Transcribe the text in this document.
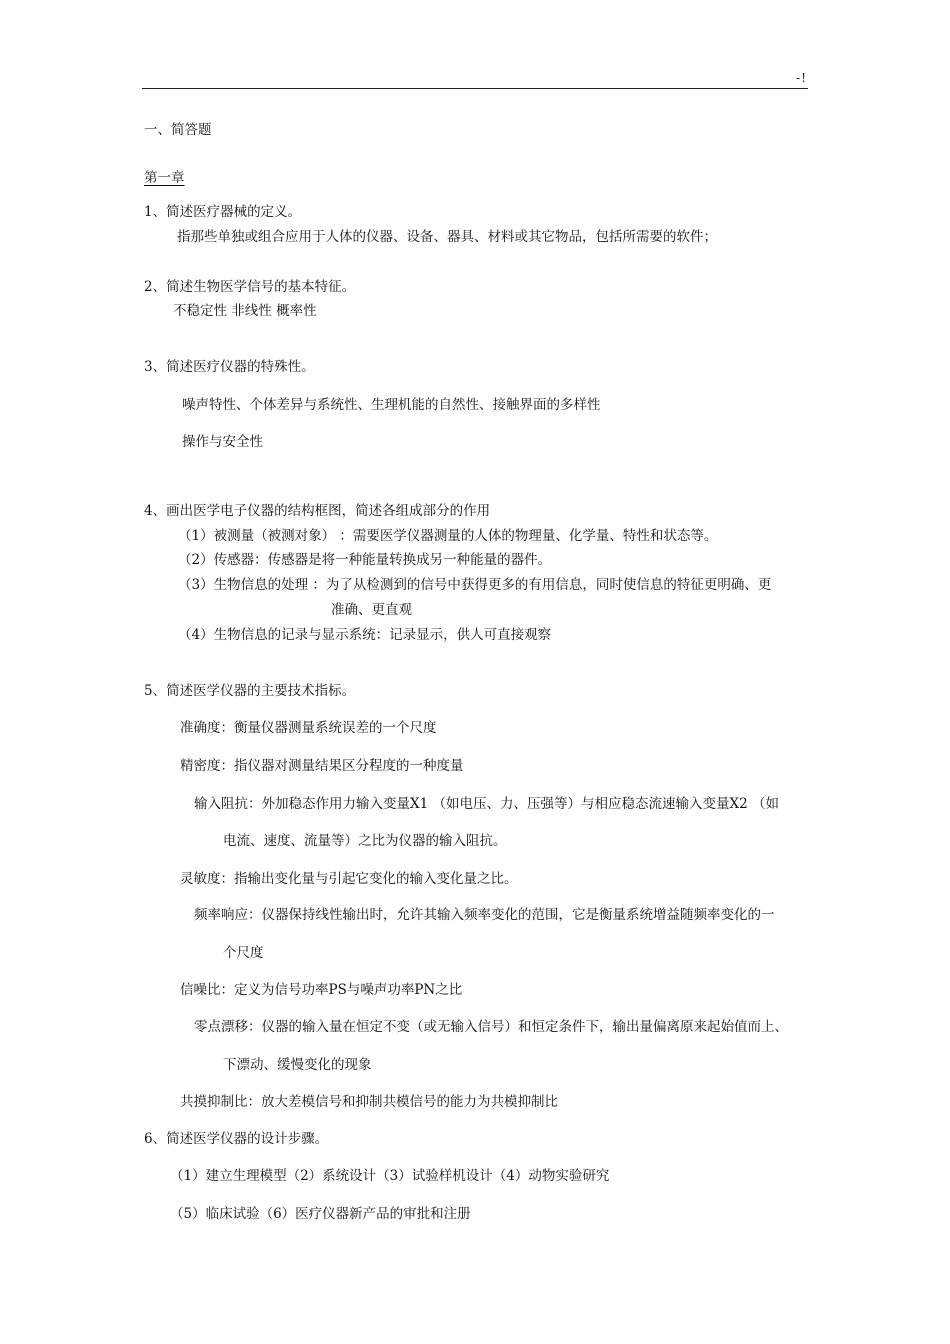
-!
一、简答题
第一章
1、简述医疗器械的定义。
指那些单独或组合应用于人体的仪器、设备、器具、材料或其它物品，包括所需要的软件；
2、简述生物医学信号的基本特征。
不稳定性 非线性 概率性
3、简述医疗仪器的特殊性。
噪声特性、个体差异与系统性、生理机能的自然性、接触界面的多样性
操作与安全性
4、画出医学电子仪器的结构框图，简述各组成部分的作用
（1）被测量（被测对象） ：需要医学仪器测量的人体的物理量、化学量、特性和状态等。
（2）传感器：传感器是将一种能量转换成另一种能量的器件。
（3）生物信息的处理 ：为了从检测到的信号中获得更多的有用信息，同时使信息的特征更明确、更
准确、更直观
（4）生物信息的记录与显示系统：记录显示，供人可直接观察
5、简述医学仪器的主要技术指标。
准确度：衡量仪器测量系统误差的一个尺度
精密度：指仪器对测量结果区分程度的一种度量
输入阻抗：外加稳态作用力输入变量X1 （如电压、力、压强等）与相应稳态流速输入变量X2 （如
电流、速度、流量等）之比为仪器的输入阻抗。
灵敏度：指输出变化量与引起它变化的输入变化量之比。
频率响应：仪器保持线性输出时，允许其输入频率变化的范围，它是衡量系统增益随频率变化的一
个尺度
信噪比：定义为信号功率PS与噪声功率PN之比
零点漂移：仪器的输入量在恒定不变（或无输入信号）和恒定条件下，输出量偏离原来起始值而上、
下漂动、缓慢变化的现象
共摸抑制比：放大差模信号和抑制共模信号的能力为共模抑制比
6、简述医学仪器的设计步骤。
（1）建立生理模型（2）系统设计（3）试验样机设计（4）动物实验研究
（5）临床试验（6）医疗仪器新产品的审批和注册
